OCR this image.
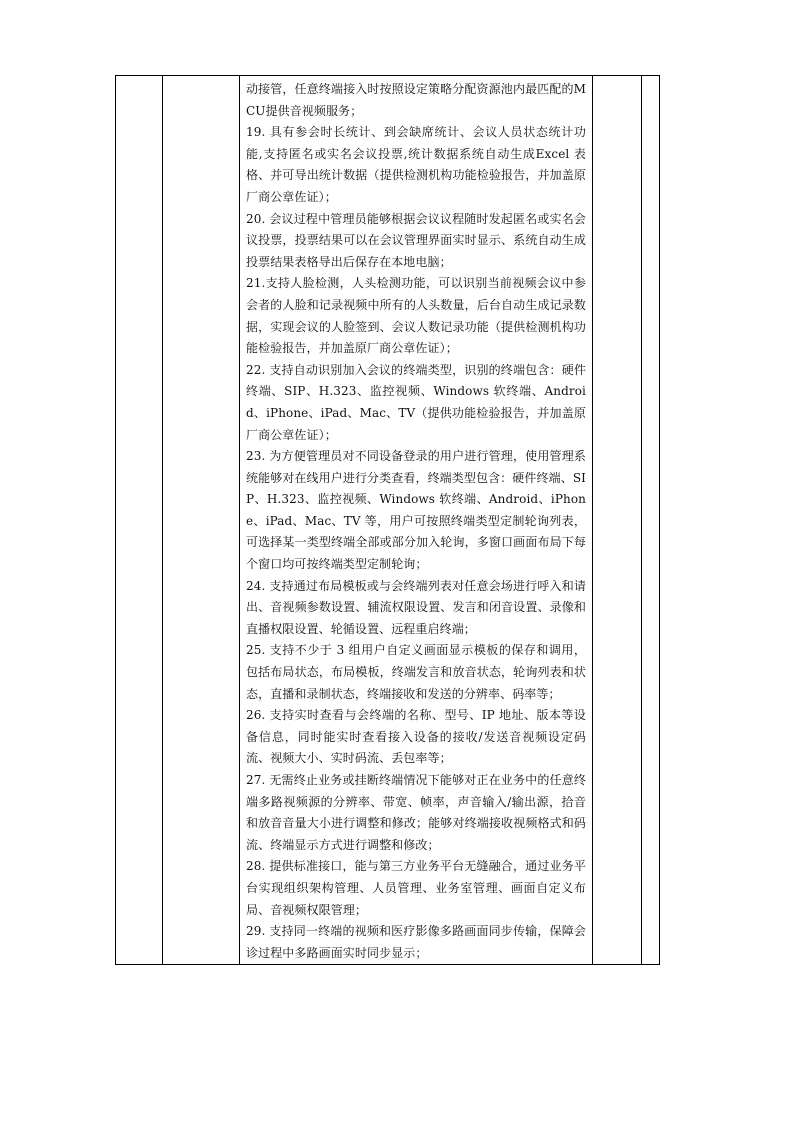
动接管，任意终端接入时按照设定策略分配资源池内最匹配的MCU提供音视频服务；

19. 具有参会时长统计、到会缺席统计、会议人员状态统计功能,支持匿名或实名会议投票,统计数据系统自动生成Excel 表格、并可导出统计数据（提供检测机构功能检验报告，并加盖原厂商公章佐证）；

20. 会议过程中管理员能够根据会议议程随时发起匿名或实名会议投票，投票结果可以在会议管理界面实时显示、系统自动生成投票结果表格导出后保存在本地电脑；

21.支持人脸检测，人头检测功能，可以识别当前视频会议中参会者的人脸和记录视频中所有的人头数量，后台自动生成记录数据，实现会议的人脸签到、会议人数记录功能（提供检测机构功能检验报告，并加盖原厂商公章佐证）；

22. 支持自动识别加入会议的终端类型，识别的终端包含：硬件终端、SIP、H.323、监控视频、Windows 软终端、Android、iPhone、iPad、Mac、TV（提供功能检验报告，并加盖原厂商公章佐证）；

23. 为方便管理员对不同设备登录的用户进行管理，使用管理系统能够对在线用户进行分类查看，终端类型包含：硬件终端、SIP、H.323、监控视频、Windows 软终端、Android、iPhone、iPad、Mac、TV 等，用户可按照终端类型定制轮询列表，可选择某一类型终端全部或部分加入轮询，多窗口画面布局下每个窗口均可按终端类型定制轮询；

24. 支持通过布局模板或与会终端列表对任意会场进行呼入和请出、音视频参数设置、辅流权限设置、发言和闭音设置、录像和直播权限设置、轮循设置、远程重启终端；

25. 支持不少于 3 组用户自定义画面显示模板的保存和调用，包括布局状态，布局模板，终端发言和放音状态，轮询列表和状态，直播和录制状态，终端接收和发送的分辨率、码率等；

26. 支持实时查看与会终端的名称、型号、IP 地址、版本等设备信息，同时能实时查看接入设备的接收/发送音视频设定码流、视频大小、实时码流、丢包率等；

27. 无需终止业务或挂断终端情况下能够对正在业务中的任意终端多路视频源的分辨率、带宽、帧率，声音输入/输出源，拾音和放音音量大小进行调整和修改；能够对终端接收视频格式和码流、终端显示方式进行调整和修改；

28. 提供标准接口，能与第三方业务平台无缝融合，通过业务平台实现组织架构管理、人员管理、业务室管理、画面自定义布局、音视频权限管理；

29. 支持同一终端的视频和医疗影像多路画面同步传输，保障会诊过程中多路画面实时同步显示；
